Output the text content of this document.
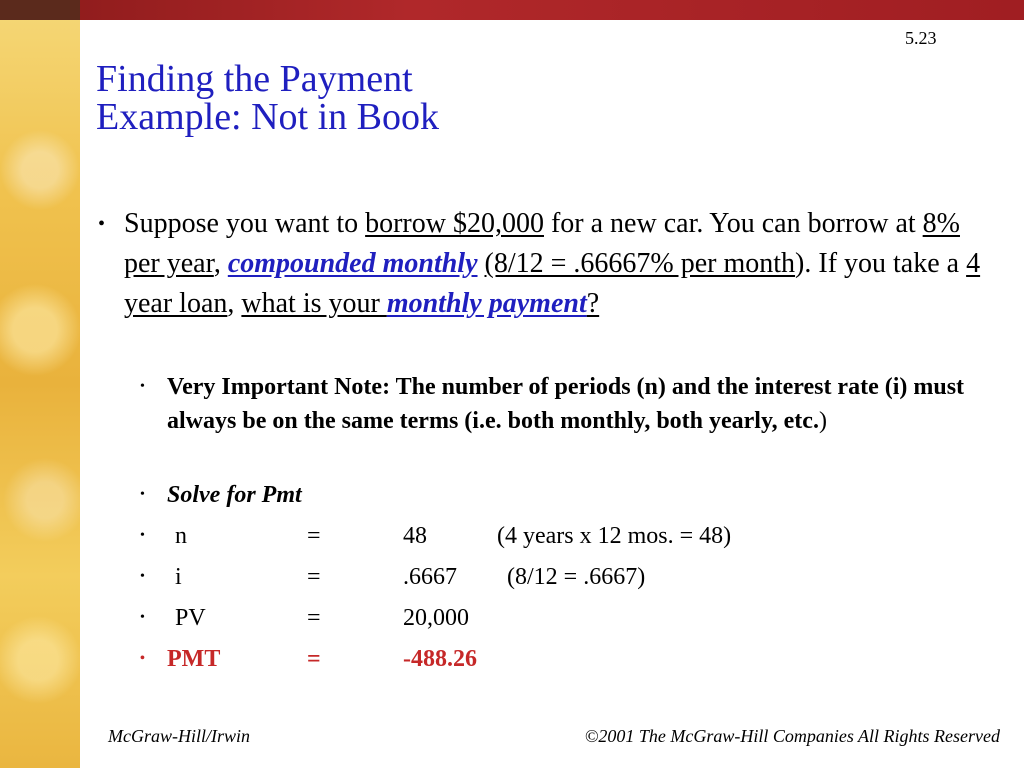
5.23
Finding the Payment
Example: Not in Book
• Suppose you want to borrow $20,000 for a new car. You can borrow at 8% per year, compounded monthly (8/12 = .66667% per month). If you take a 4 year loan, what is your monthly payment?
• Very Important Note: The number of periods (n) and the interest rate (i) must always be on the same terms (i.e. both monthly, both yearly, etc.)
• Solve for Pmt
•	n	=	48	(4 years x 12 mos. = 48)
•	i	=	.6667 (8/12 = .6667)
•	PV	=	20,000
• PMT	=	-488.26
McGraw-Hill/Irwin	©2001 The McGraw-Hill Companies All Rights Reserved
